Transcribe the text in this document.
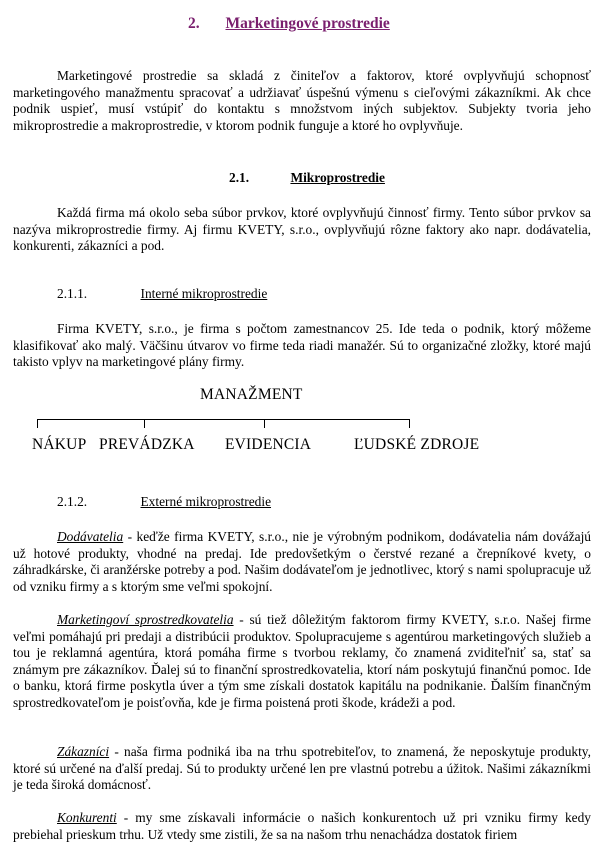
2. Marketingové prostredie
Marketingové prostredie sa skladá z činiteľov a faktorov, ktoré ovplyvňujú schopnosť marketingového manažmentu spracovať a udržiavať úspešnú výmenu s cieľovými zákazníkmi. Ak chce podnik uspieť, musí vstúpiť do kontaktu s množstvom iných subjektov. Subjekty tvoria jeho mikroprostredie a makroprostredie, v ktorom podnik funguje a ktoré ho ovplyvňuje.
2.1.	Mikroprostredie
Každá firma má okolo seba súbor prvkov, ktoré ovplyvňujú činnosť firmy. Tento súbor prvkov sa nazýva mikroprostredie firmy. Aj firmu KVETY, s.r.o., ovplyvňujú rôzne faktory ako napr. dodávatelia, konkurenti, zákazníci a pod.
2.1.1.	Interné mikroprostredie
Firma KVETY, s.r.o., je firma s počtom zamestnancov 25. Ide teda o podnik, ktorý môžeme klasifikovať ako malý. Väčšinu útvarov vo firme teda riadi manažér. Sú to organizačné zložky, ktoré majú takisto vplyv na marketingové plány firmy.
MANAŽMENT
NÁKUP PREVÁDZKA EVIDENCIA	ĽUDSKÉ ZDROJE
2.1.2.	Externé mikroprostredie
Dodávatelia - keďže firma KVETY, s.r.o., nie je výrobným podnikom, dodávatelia nám dovážajú už hotové produkty, vhodné na predaj. Ide predovšetkým o čerstvé rezané a črepníkové kvety, o záhradkárske, či aranžérske potreby a pod. Našim dodávateľom je jednotlivec, ktorý s nami spolupracuje už od vzniku firmy a s ktorým sme veľmi spokojní.
Marketingoví sprostredkovatelia - sú tiež dôležitým faktorom firmy KVETY, s.r.o. Našej firme veľmi pomáhajú pri predaji a distribúcii produktov. Spolupracujeme s agentúrou marketingových služieb a tou je reklamná agentúra, ktorá pomáha firme s tvorbou reklamy, čo znamená zviditeľniť sa, stať sa známym pre zákazníkov. Ďalej sú to finanční sprostredkovatelia, ktorí nám poskytujú finančnú pomoc. Ide o banku, ktorá firme poskytla úver a tým sme získali dostatok kapitálu na podnikanie. Ďalším finančným sprostredkovateľom je poisťovňa, kde je firma poistená proti škode, krádeži a pod.
Zákazníci - naša firma podniká iba na trhu spotrebiteľov, to znamená, že neposkytuje produkty, ktoré sú určené na ďalší predaj. Sú to produkty určené len pre vlastnú potrebu a úžitok. Našimi zákazníkmi je teda široká domácnosť.
Konkurenti - my sme získavali informácie o našich konkurentoch už pri vzniku firmy kedy prebiehal prieskum trhu. Už vtedy sme zistili, že sa na našom trhu nenachádza dostatok firiem
